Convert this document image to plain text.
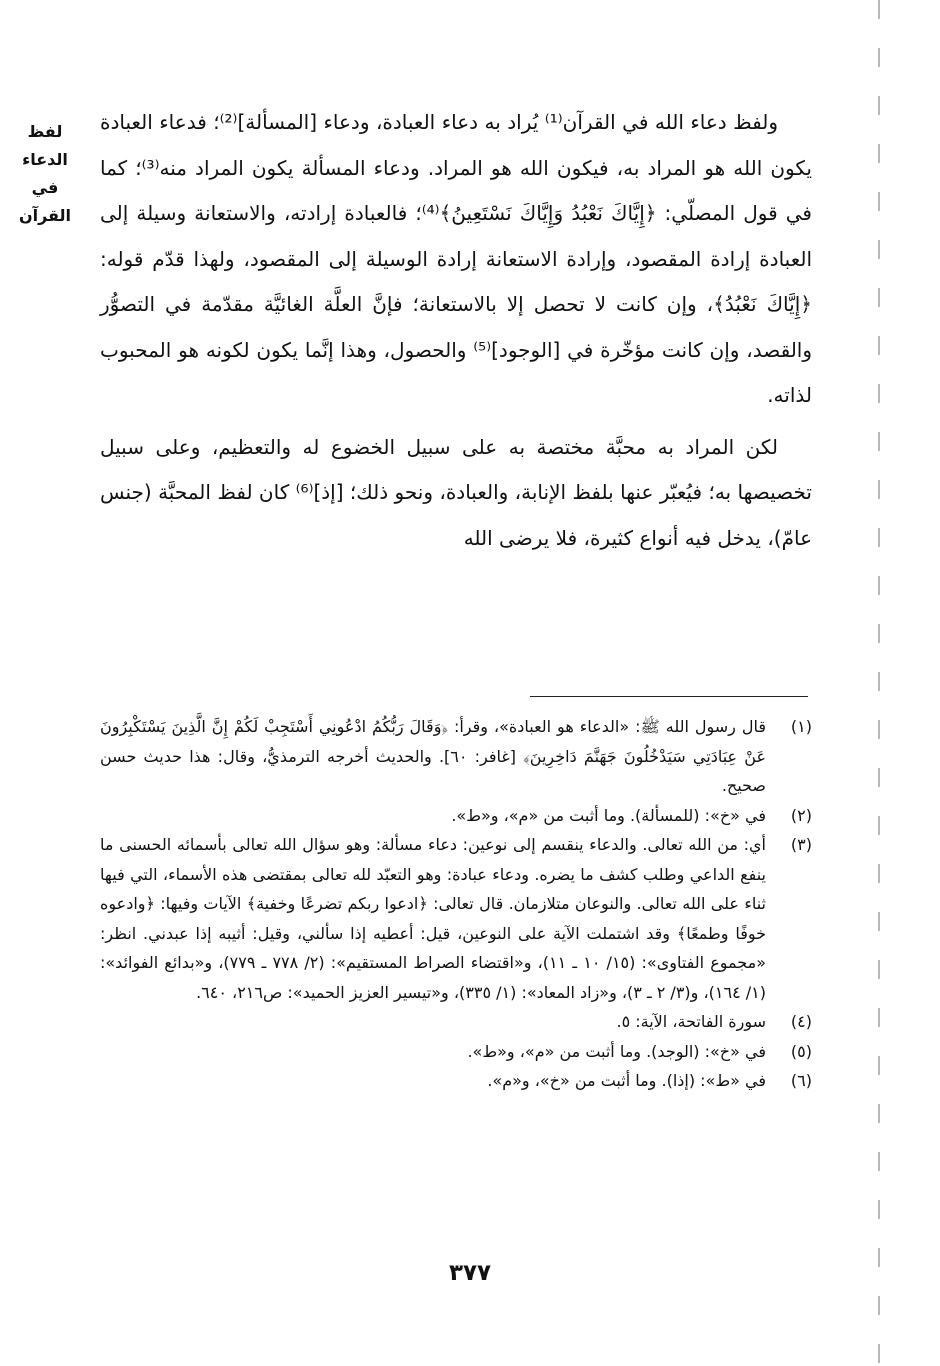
لفظ الدعاء في القرآن

ولفظ دعاء الله في القرآن⁽¹⁾ يُراد به دعاء العبادة، ودعاء [المسألة]⁽²⁾؛ فدعاء العبادة يكون الله هو المراد به، فيكون الله هو المراد. ودعاء المسألة يكون المراد منه⁽³⁾؛ كما في قول المصلّي: ﴿إِيَّاكَ نَعْبُدُ وَإِيَّاكَ نَسْتَعِينُ﴾⁽⁴⁾؛ فالعبادة إرادته، والاستعانة وسيلة إلى العبادة إرادة المقصود، وإرادة الاستعانة إرادة الوسيلة إلى المقصود، ولهذا قدّم قوله: ﴿إِيَّاكَ نَعْبُدُ﴾، وإن كانت لا تحصل إلا بالاستعانة؛ فإنَّ العلَّة الغائيَّة مقدّمة في التصوُّر والقصد، وإن كانت مؤخّرة في [الوجود]⁽⁵⁾ والحصول، وهذا إنَّما يكون لكونه هو المحبوب لذاته.

لكن المراد به محبَّة مختصة به على سبيل الخضوع له والتعظيم، وعلى سبيل تخصيصها به؛ فيُعبّر عنها بلفظ الإنابة، والعبادة، ونحو ذلك؛ [إذ]⁽⁶⁾ كان لفظ المحبَّة (جنس عامّ)، يدخل فيه أنواع كثيرة، فلا يرضى الله

(١)
قال رسول الله ﷺ: «الدعاء هو العبادة»، وقرأ: ﴿وَقَالَ رَبُّكُمُ ادْعُونِي أَسْتَجِبْ لَكُمْ إِنَّ الَّذِينَ يَسْتَكْبِرُونَ عَنْ عِبَادَتِي سَيَدْخُلُونَ جَهَنَّمَ دَاخِرِينَ﴾ [غافر: ٦٠]. والحديث أخرجه الترمذيُّ، وقال: هذا حديث حسن صحيح.
(٢)
في «خ»: (للمسألة). وما أثبت من «م»، و«ط».
(٣)
أي: من الله تعالى. والدعاء ينقسم إلى نوعين: دعاء مسألة: وهو سؤال الله تعالى بأسمائه الحسنى ما ينفع الداعي وطلب كشف ما يضره. ودعاء عبادة: وهو التعبّد لله تعالى بمقتضى هذه الأسماء، التي فيها ثناء على الله تعالى. والنوعان متلازمان. قال تعالى: ﴿ادعوا ربكم تضرعًا وخفية﴾ الآيات وفيها: ﴿وادعوه خوفًا وطمعًا﴾ وقد اشتملت الآية على النوعين، قيل: أعطيه إذا سألني، وقيل: أثيبه إذا عبدني. انظر: «مجموع الفتاوى»: (١٥/ ١٠ ـ ١١)، و«اقتضاء الصراط المستقيم»: (٢/ ٧٧٨ ـ ٧٧٩)، و«بدائع الفوائد»: (١/ ١٦٤)، و(٣/ ٢ ـ ٣)، و«زاد المعاد»: (١/ ٣٣٥)، و«تيسير العزيز الحميد»: ص٢١٦، ٦٤٠.
(٤)
سورة الفاتحة، الآية: ٥.
(٥)
في «خ»: (الوجد). وما أثبت من «م»، و«ط».
(٦)
في «ط»: (إذا). وما أثبت من «خ»، و«م».
٣٧٧
